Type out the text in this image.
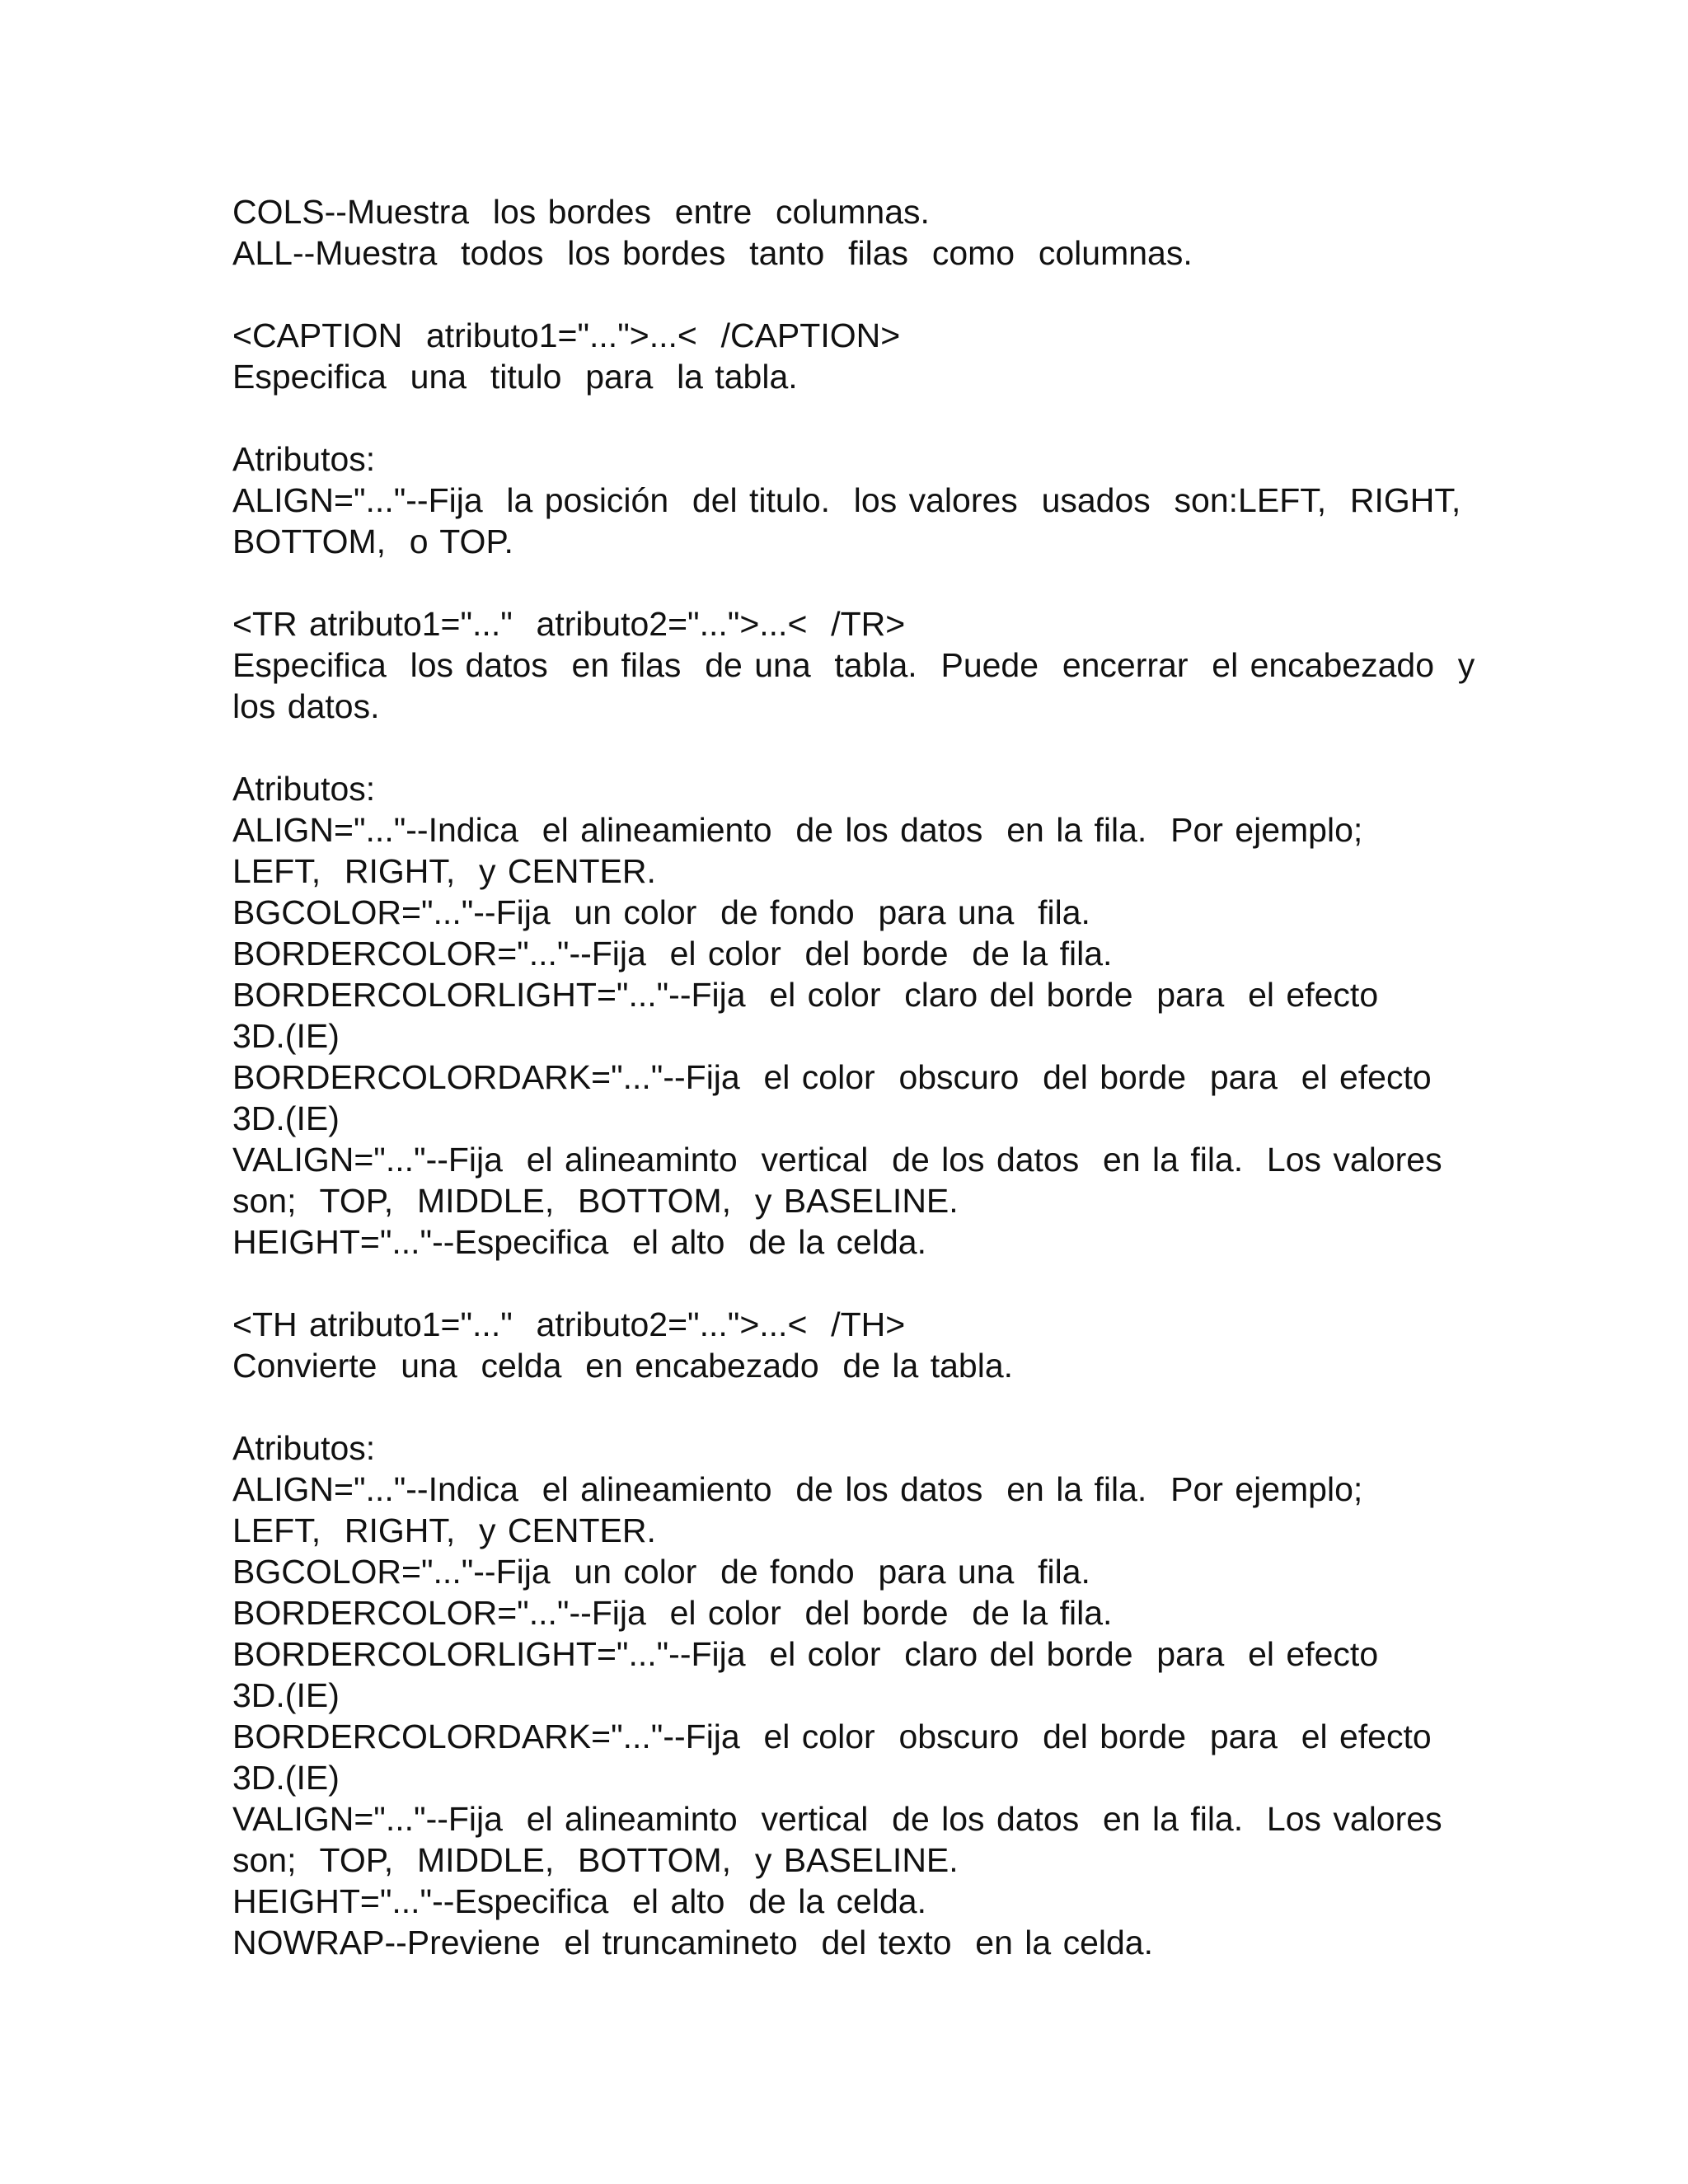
COLS--Muestra  los bordes  entre  columnas.
ALL--Muestra  todos  los bordes  tanto  filas  como  columnas.
<CAPTION  atributo1="...">...<  /CAPTION>
Especifica  una  titulo  para  la tabla.
Atributos:
ALIGN="..."--Fija  la posición  del titulo.  los valores  usados  son:LEFT,  RIGHT,
BOTTOM,  o TOP.
<TR atributo1="..."  atributo2="...">...<  /TR>
Especifica  los datos  en filas  de una  tabla.  Puede  encerrar  el encabezado  y
los datos.
Atributos:
ALIGN="..."--Indica  el alineamiento  de los datos  en la fila.  Por ejemplo;
LEFT,  RIGHT,  y CENTER.
BGCOLOR="..."--Fija  un color  de fondo  para una  fila.
BORDERCOLOR="..."--Fija  el color  del borde  de la fila.
BORDERCOLORLIGHT="..."--Fija  el color  claro del borde  para  el efecto
3D.(IE)
BORDERCOLORDARK="..."--Fija  el color  obscuro  del borde  para  el efecto
3D.(IE)
VALIGN="..."--Fija  el alineaminto  vertical  de los datos  en la fila.  Los valores
son;  TOP,  MIDDLE,  BOTTOM,  y BASELINE.
HEIGHT="..."--Especifica  el alto  de la celda.
<TH atributo1="..."  atributo2="...">...<  /TH>
Convierte  una  celda  en encabezado  de la tabla.
Atributos:
ALIGN="..."--Indica  el alineamiento  de los datos  en la fila.  Por ejemplo;
LEFT,  RIGHT,  y CENTER.
BGCOLOR="..."--Fija  un color  de fondo  para una  fila.
BORDERCOLOR="..."--Fija  el color  del borde  de la fila.
BORDERCOLORLIGHT="..."--Fija  el color  claro del borde  para  el efecto
3D.(IE)
BORDERCOLORDARK="..."--Fija  el color  obscuro  del borde  para  el efecto
3D.(IE)
VALIGN="..."--Fija  el alineaminto  vertical  de los datos  en la fila.  Los valores
son;  TOP,  MIDDLE,  BOTTOM,  y BASELINE.
HEIGHT="..."--Especifica  el alto  de la celda.
NOWRAP--Previene  el truncamineto  del texto  en la celda.
